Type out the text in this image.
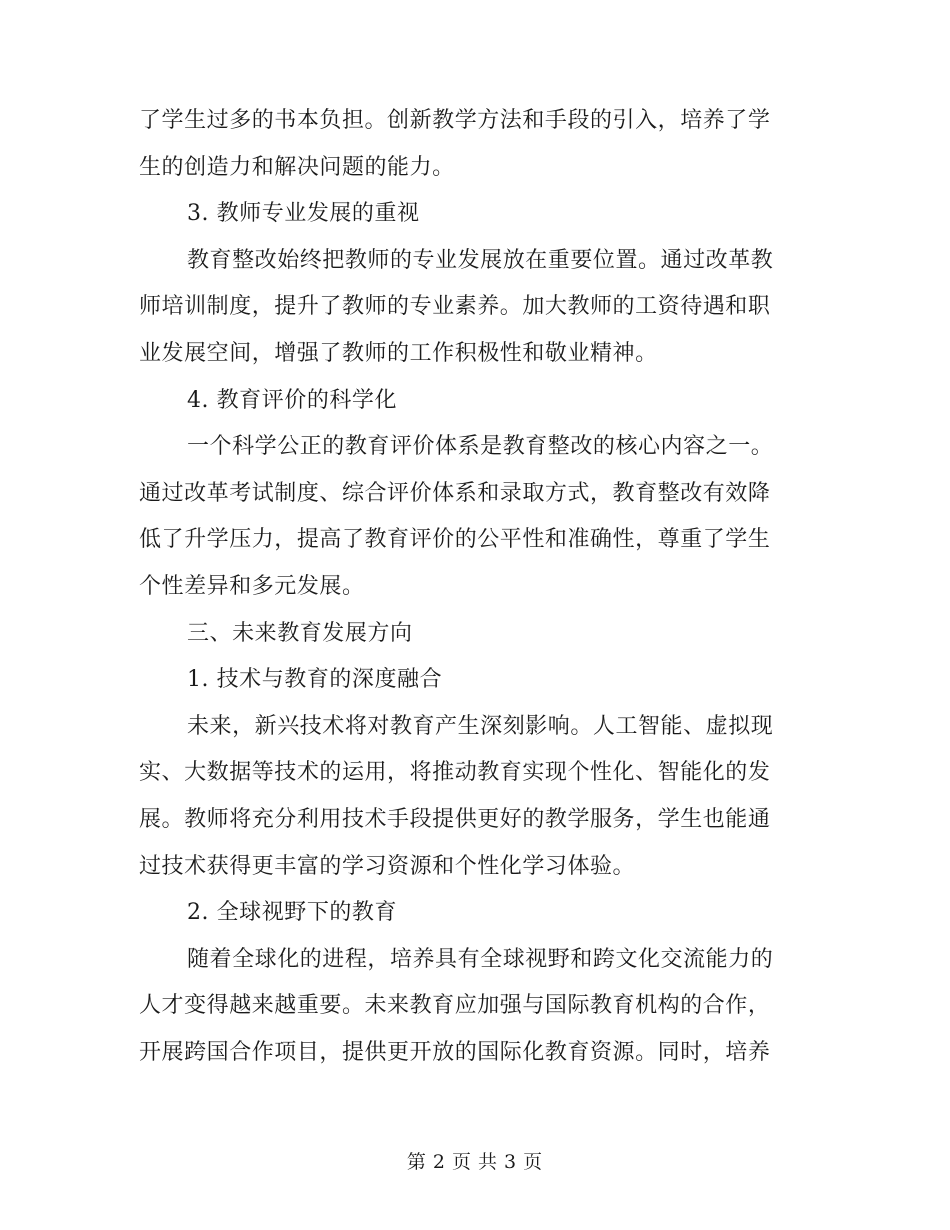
了学生过多的书本负担。创新教学方法和手段的引入，培养了学
生的创造力和解决问题的能力。
3. 教师专业发展的重视
教育整改始终把教师的专业发展放在重要位置。通过改革教
师培训制度，提升了教师的专业素养。加大教师的工资待遇和职
业发展空间，增强了教师的工作积极性和敬业精神。
4. 教育评价的科学化
一个科学公正的教育评价体系是教育整改的核心内容之一。
通过改革考试制度、综合评价体系和录取方式，教育整改有效降
低了升学压力，提高了教育评价的公平性和准确性，尊重了学生
个性差异和多元发展。
三、未来教育发展方向
1. 技术与教育的深度融合
未来，新兴技术将对教育产生深刻影响。人工智能、虚拟现
实、大数据等技术的运用，将推动教育实现个性化、智能化的发
展。教师将充分利用技术手段提供更好的教学服务，学生也能通
过技术获得更丰富的学习资源和个性化学习体验。
2. 全球视野下的教育
随着全球化的进程，培养具有全球视野和跨文化交流能力的
人才变得越来越重要。未来教育应加强与国际教育机构的合作，
开展跨国合作项目，提供更开放的国际化教育资源。同时，培养
第 2 页 共 3 页
